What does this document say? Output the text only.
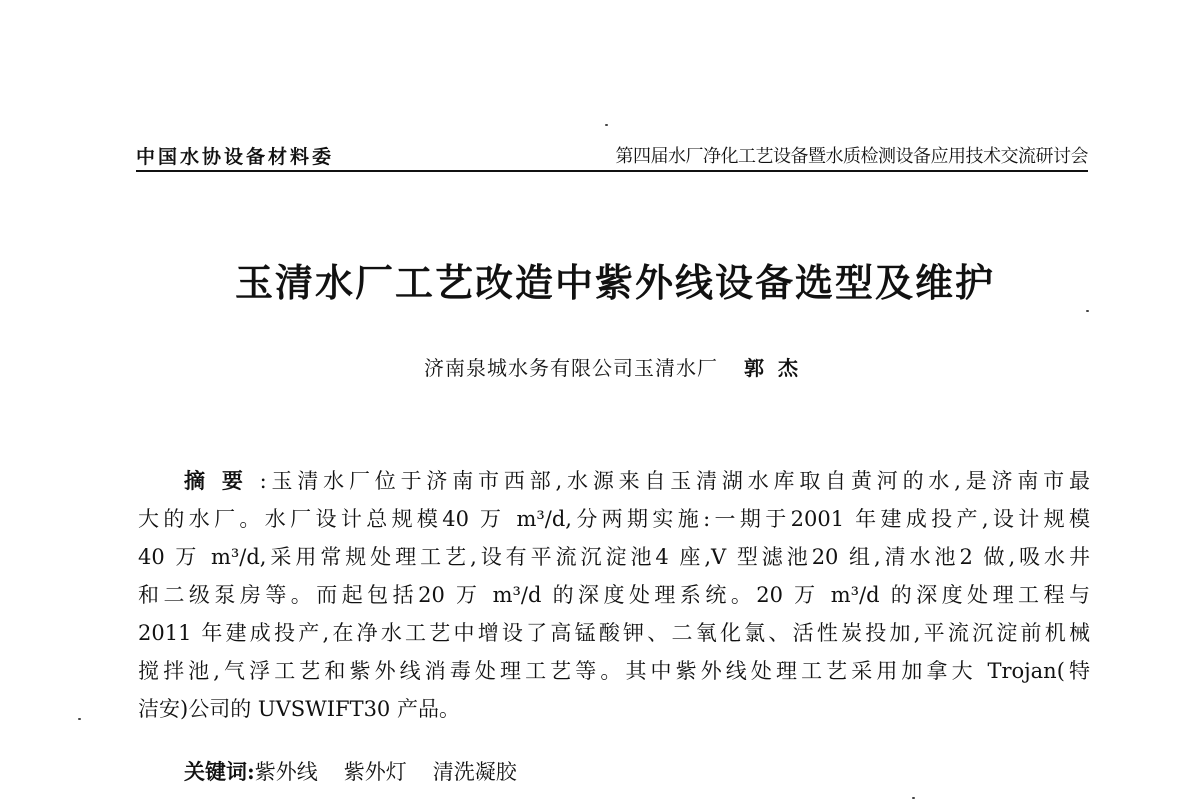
中国水协设备材料委	第四届水厂净化工艺设备暨水质检测设备应用技术交流研讨会
玉清水厂工艺改造中紫外线设备选型及维护
济南泉城水务有限公司玉清水厂 郭杰
摘要:玉清水厂位于济南市西部,水源来自玉清湖水库取自黄河的水,是济南市最
大的水厂。水厂设计总规模40 万 m³/d,分两期实施:一期于2001 年建成投产,设计规模
40 万 m³/d,采用常规处理工艺,设有平流沉淀池4 座,V 型滤池20 组,清水池2 做,吸水井
和二级泵房等。而起包括20 万 m³/d 的深度处理系统。20 万 m³/d 的深度处理工程与
2011 年建成投产,在净水工艺中增设了高锰酸钾、二氧化氯、活性炭投加,平流沉淀前机械
搅拌池,气浮工艺和紫外线消毒处理工艺等。其中紫外线处理工艺采用加拿大 Trojan(特
洁安)公司的 UVSWIFT30 产品。
关键词:紫外线 紫外灯 清洗凝胶
